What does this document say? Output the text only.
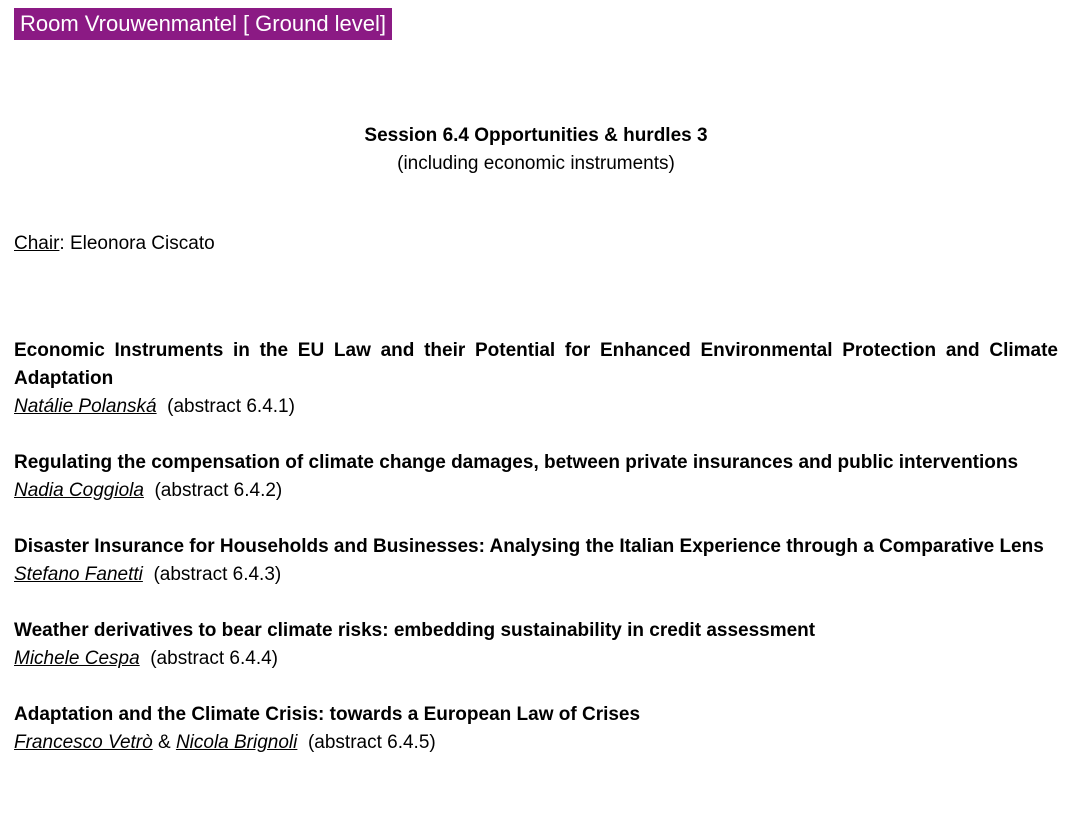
Room Vrouwenmantel [ Ground level]
Session 6.4 Opportunities & hurdles 3
(including economic instruments)
Chair: Eleonora Ciscato
Economic Instruments in the EU Law and their Potential for Enhanced Environmental Protection and Climate Adaptation
Natálie Polanská (abstract 6.4.1)
Regulating the compensation of climate change damages, between private insurances and public interventions
Nadia Coggiola (abstract 6.4.2)
Disaster Insurance for Households and Businesses: Analysing the Italian Experience through a Comparative Lens
Stefano Fanetti (abstract 6.4.3)
Weather derivatives to bear climate risks: embedding sustainability in credit assessment
Michele Cespa (abstract 6.4.4)
Adaptation and the Climate Crisis: towards a European Law of Crises
Francesco Vetrò & Nicola Brignoli (abstract 6.4.5)
